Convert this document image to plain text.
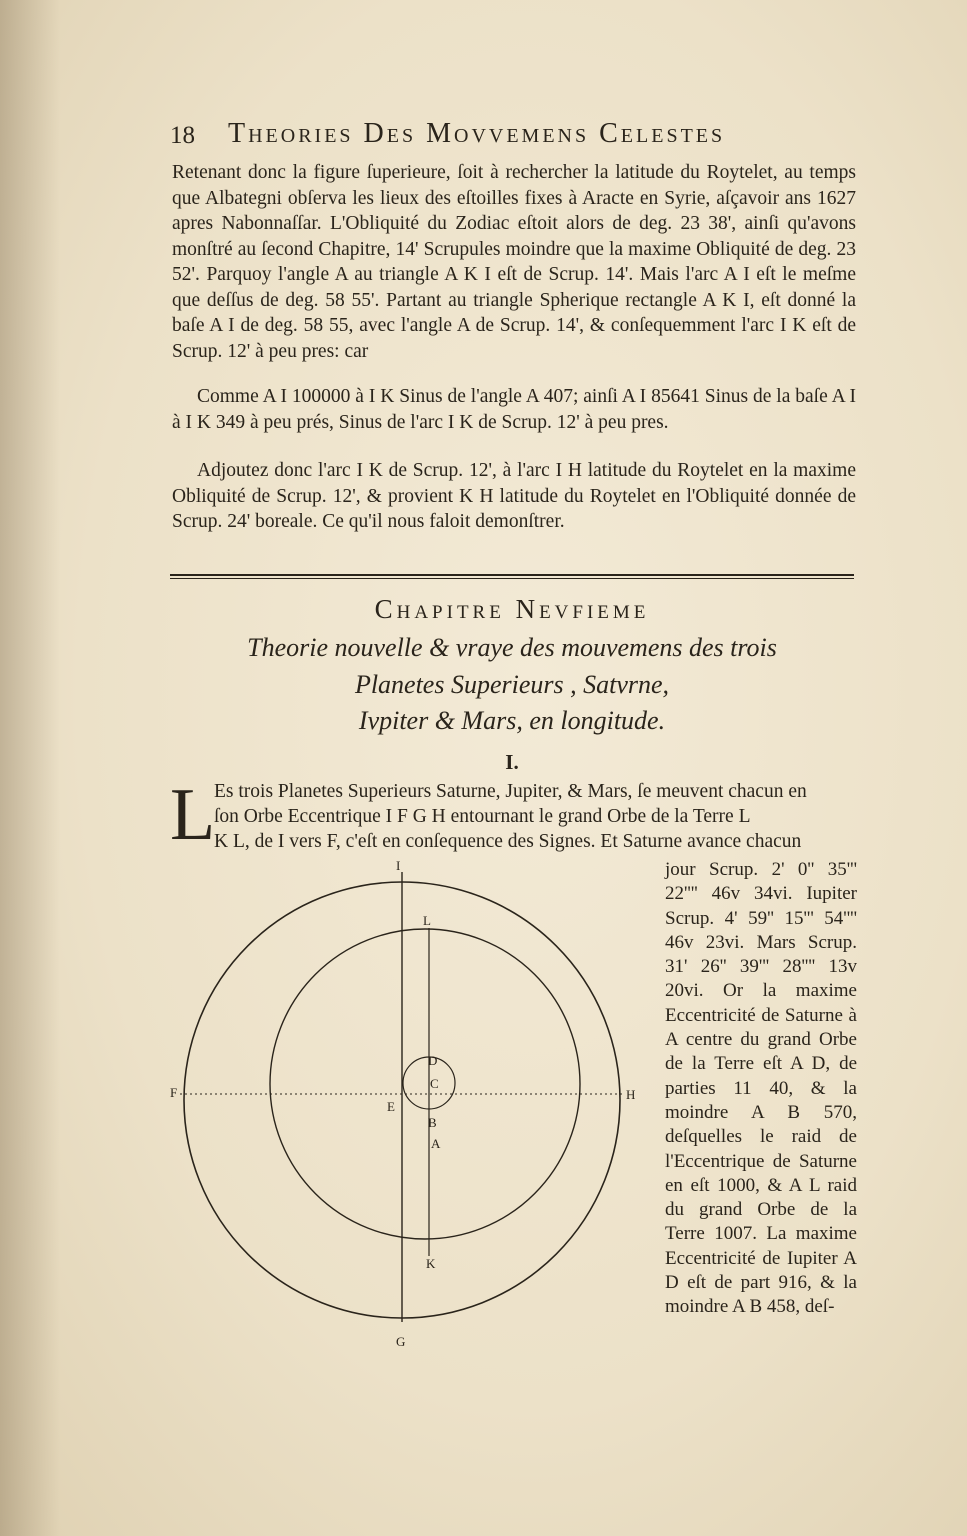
18 Theories Des Movvemens Celestes

Retenant donc la figure ſuperieure, ſoit à rechercher la latitude du Roytelet, au temps que Albategni obſerva les lieux des eſtoilles fixes à Aracte en Syrie, aſçavoir ans 1627 apres Nabonnaſſar. L'Obliquité du Zodiac eſtoit alors de deg. 23 38', ainſi qu'avons monſtré au ſecond Chapitre, 14' Scrupules moindre que la maxime Obliquité de deg. 23 52'. Parquoy l'angle A au triangle A K I eſt de Scrup. 14'. Mais l'arc A I eſt le meſme que deſſus de deg. 58 55'. Partant au triangle Spherique rectangle A K I, eſt donné la baſe A I de deg. 58 55, avec l'angle A de Scrup. 14', & conſequemment l'arc I K eſt de Scrup. 12' à peu pres: car

Comme A I 100000 à I K Sinus de l'angle A 407; ainſi A I 85641 Sinus de la baſe A I à I K 349 à peu prés, Sinus de l'arc I K de Scrup. 12' à peu pres.

Adjoutez donc l'arc I K de Scrup. 12', à l'arc I H latitude du Roytelet en la maxime Obliquité de Scrup. 12', & provient K H latitude du Roytelet en l'Obliquité donnée de Scrup. 24' boreale. Ce qu'il nous faloit demonſtrer.

Chapitre Nevfieme
Theorie nouvelle & vraye des mouvemens des trois
Planetes Superieurs , Satvrne,
Ivpiter & Mars, en longitude.
I.
L
Es trois Planetes Superieurs Saturne, Jupiter, & Mars, ſe meuvent chacun en
ſon Orbe Eccentrique I F G H entournant le grand Orbe de la Terre L
K L, de I vers F, c'eſt en conſequence des Signes. Et Saturne avance chacun

jour Scrup. 2' 0'' 35''' 22'''' 46v 34vi. Iupiter Scrup. 4' 59'' 15''' 54'''' 46v 23vi. Mars Scrup. 31' 26'' 39''' 28'''' 13v 20vi. Or la maxime Eccentricité de Saturne à A centre du grand Orbe de la Terre eſt A D, de parties 11 40, & la moindre A B 570, deſquelles le raid de l'Eccentrique de Saturne en eſt 1000, & A L raid du grand Orbe de la Terre 1007. La maxime Eccentricité de Iupiter A D eſt de part 916, & la moindre A B 458, deſ-

I
F	H
G
L
K
D
C
B
A
E
